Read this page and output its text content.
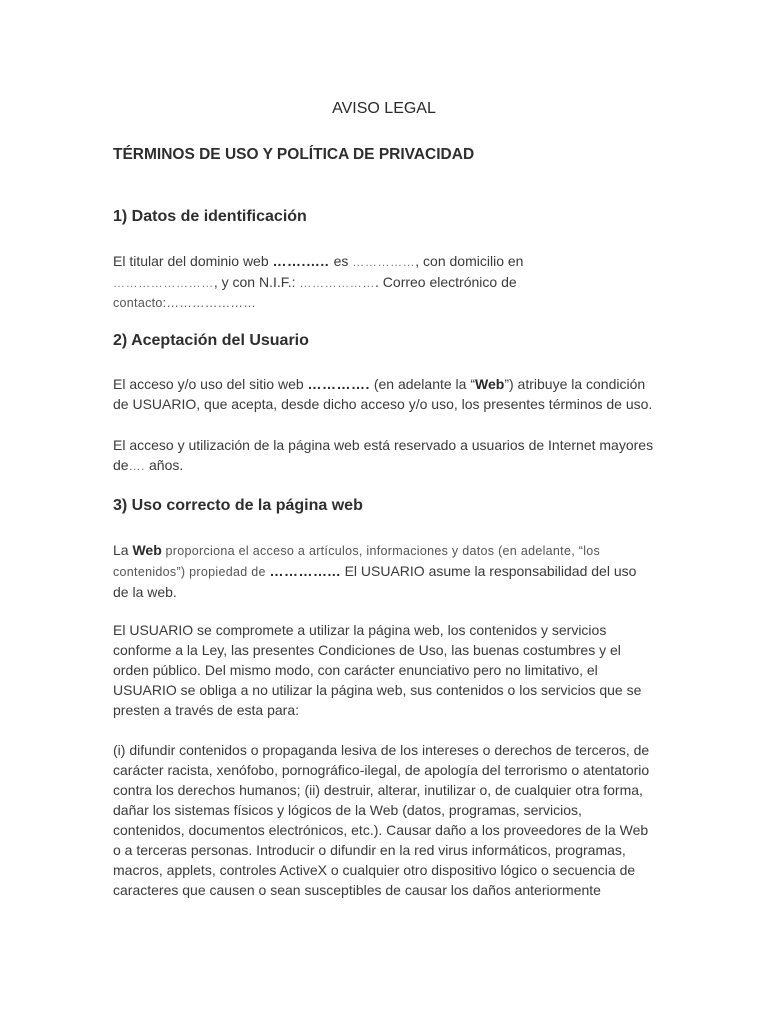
AVISO LEGAL
TÉRMINOS DE USO Y POLÍTICA DE PRIVACIDAD
1) Datos de identificación
El titular del dominio web …….….. es ……………, con domicilio en
……………………, y con N.I.F.: ………………. Correo electrónico de
contacto:…………………
2) Aceptación del Usuario
El acceso y/o uso del sitio web …………. (en adelante la “Web”) atribuye la condición
de USUARIO, que acepta, desde dicho acceso y/o uso, los presentes términos de uso.
El acceso y utilización de la página web está reservado a usuarios de Internet mayores
de…. años.
3) Uso correcto de la página web
La Web proporciona el acceso a artículos, informaciones y datos (en adelante, “los
contenidos”) propiedad de …………... El USUARIO asume la responsabilidad del uso
de la web.
El USUARIO se compromete a utilizar la página web, los contenidos y servicios
conforme a la Ley, las presentes Condiciones de Uso, las buenas costumbres y el
orden público. Del mismo modo, con carácter enunciativo pero no limitativo, el
USUARIO se obliga a no utilizar la página web, sus contenidos o los servicios que se
presten a través de esta para:
(i) difundir contenidos o propaganda lesiva de los intereses o derechos de terceros, de
carácter racista, xenófobo, pornográfico-ilegal, de apología del terrorismo o atentatorio
contra los derechos humanos; (ii) destruir, alterar, inutilizar o, de cualquier otra forma,
dañar los sistemas físicos y lógicos de la Web (datos, programas, servicios,
contenidos, documentos electrónicos, etc.). Causar daño a los proveedores de la Web
o a terceras personas. Introducir o difundir en la red virus informáticos, programas,
macros, applets, controles ActiveX o cualquier otro dispositivo lógico o secuencia de
caracteres que causen o sean susceptibles de causar los daños anteriormente
